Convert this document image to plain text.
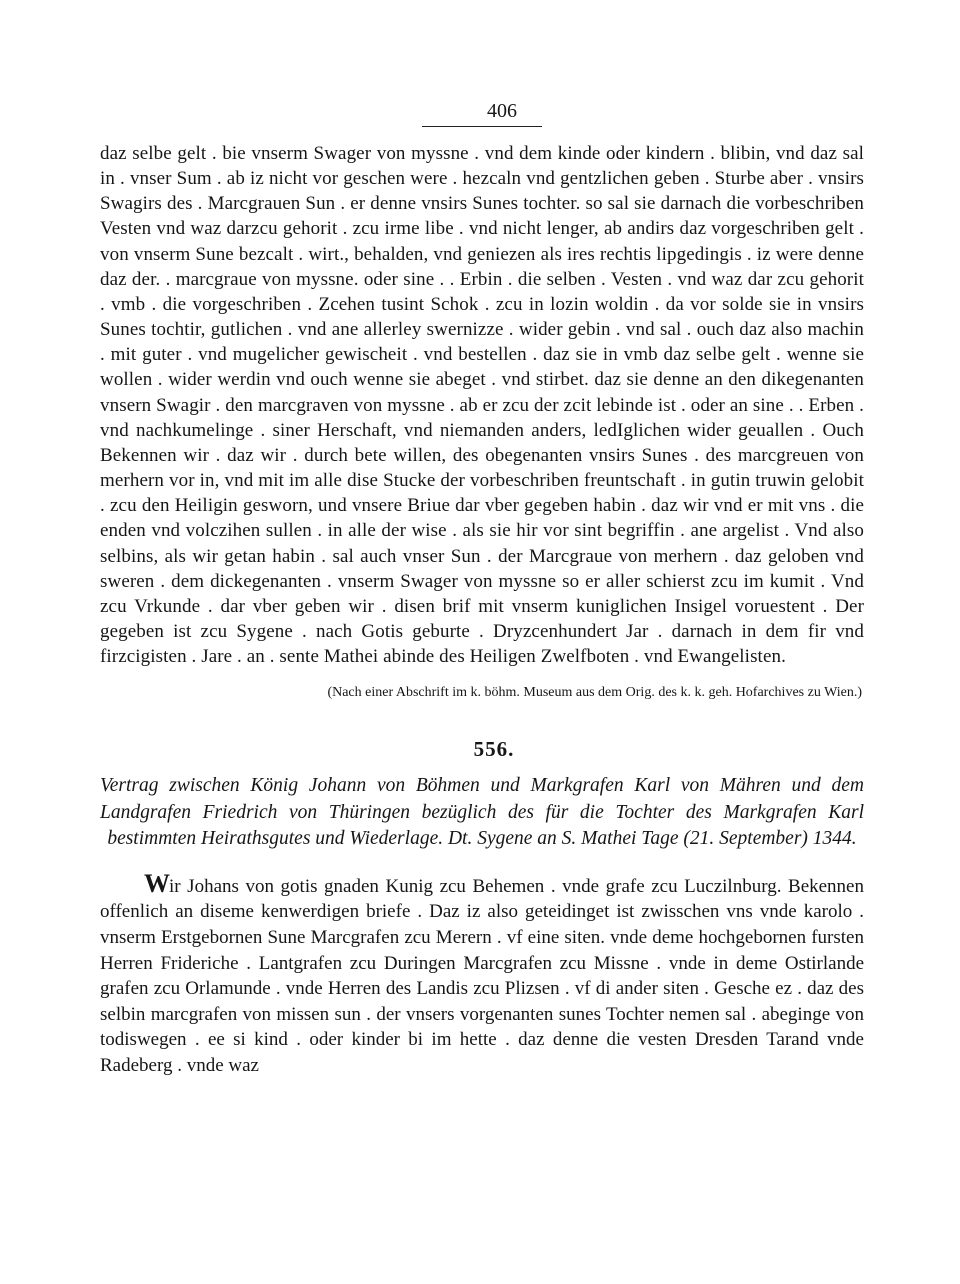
406

daz selbe gelt . bie vnserm Swager von myssne . vnd dem kinde oder kindern . blibin, vnd daz sal in . vnser Sum . ab iz nicht vor geschen were . hezcaln vnd gentzlichen geben . Sturbe aber . vnsirs Swagirs des . Marcgrauen Sun . er denne vnsirs Sunes tochter. so sal sie darnach die vorbeschriben Vesten vnd waz darzcu gehorit . zcu irme libe . vnd nicht lenger, ab andirs daz vorgeschriben gelt . von vnserm Sune bezcalt . wirt., behalden, vnd geniezen als ires rechtis lipgedingis . iz were denne daz der. . marcgraue von myssne. oder sine . . Erbin . die selben . Vesten . vnd waz dar zcu gehorit . vmb . die vorgeschriben . Zcehen tusint Schok . zcu in lozin woldin . da vor solde sie in vnsirs Sunes tochtir, gutlichen . vnd ane allerley swernizze . wider gebin . vnd sal . ouch daz also machin . mit guter . vnd mugelicher gewischeit . vnd bestellen . daz sie in vmb daz selbe gelt . wenne sie wollen . wider werdin vnd ouch wenne sie abeget . vnd stirbet. daz sie denne an den dikegenanten vnsern Swagir . den marcgraven von myssne . ab er zcu der zcit lebinde ist . oder an sine . . Erben . vnd nachkumelinge . siner Herschaft, vnd niemanden anders, ledIglichen wider geuallen . Ouch Bekennen wir . daz wir . durch bete willen, des obegenanten vnsirs Sunes . des marcgreuen von merhern vor in, vnd mit im alle dise Stucke der vorbeschriben freuntschaft . in gutin truwin gelobit . zcu den Heiligin gesworn, und vnsere Briue dar vber gegeben habin . daz wir vnd er mit vns . die enden vnd volczihen sullen . in alle der wise . als sie hir vor sint begriffin . ane argelist . Vnd also selbins, als wir getan habin . sal auch vnser Sun . der Marcgraue von merhern . daz geloben vnd sweren . dem dickegenanten . vnserm Swager von myssne so er aller schierst zcu im kumit . Vnd zcu Vrkunde . dar vber geben wir . disen brif mit vnserm kuniglichen Insigel voruestent . Der gegeben ist zcu Sygene . nach Gotis geburte . Dryzcenhundert Jar . darnach in dem fir vnd firzcigisten . Jare . an . sente Mathei abinde des Heiligen Zwelfboten . vnd Ewangelisten.

(Nach einer Abschrift im k. böhm. Museum aus dem Orig. des k. k. geh. Hofarchives zu Wien.)
556.
Vertrag zwischen König Johann von Böhmen und Markgrafen Karl von Mähren und dem Landgrafen Friedrich von Thüringen bezüglich des für die Tochter des Markgrafen Karl bestimmten Heirathsgutes und Wiederlage. Dt. Sygene an S. Mathei Tage (21. September) 1344.
Wir Johans von gotis gnaden Kunig zcu Behemen . vnde grafe zcu Luczilnburg. Bekennen offenlich an diseme kenwerdigen briefe . Daz iz also geteidinget ist zwisschen vns vnde karolo . vnserm Erstgebornen Sune Marcgrafen zcu Merern . vf eine siten. vnde deme hochgebornen fursten Herren Frideriche . Lantgrafen zcu Duringen Marcgrafen zcu Missne . vnde in deme Ostirlande grafen zcu Orlamunde . vnde Herren des Landis zcu Plizsen . vf di ander siten . Gesche ez . daz des selbin marcgrafen von missen sun . der vnsers vorgenanten sunes Tochter nemen sal . abeginge von todiswegen . ee si kind . oder kinder bi im hette . daz denne die vesten Dresden Tarand vnde Radeberg . vnde waz
